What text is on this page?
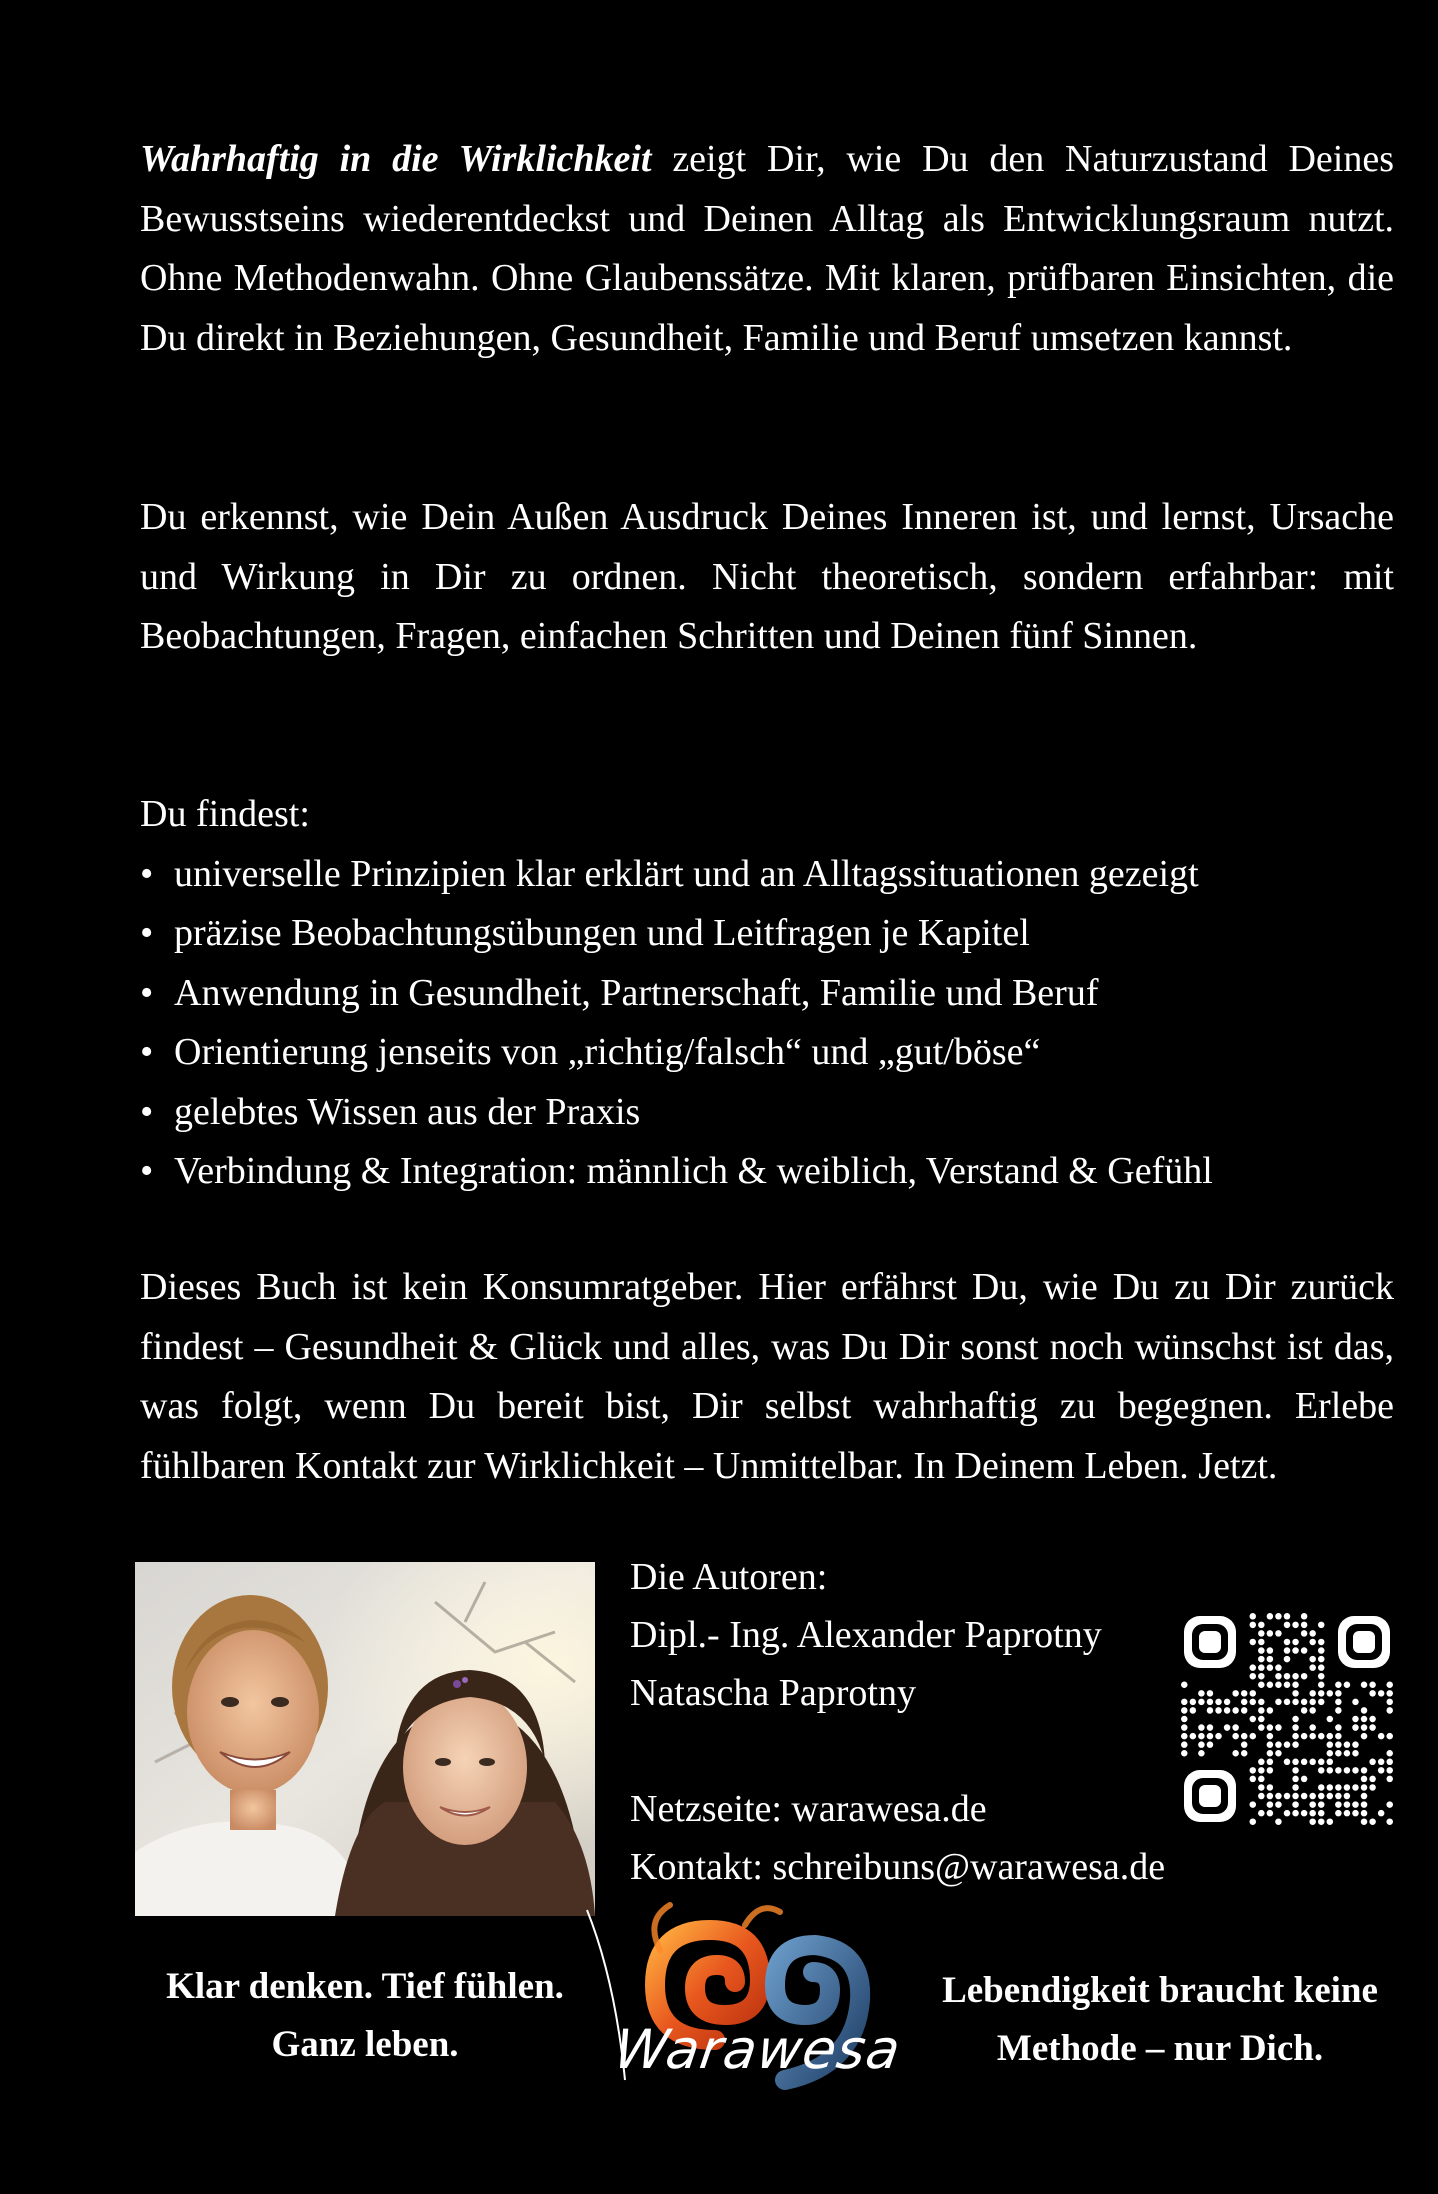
Wahrhaftig in die Wirklichkeit zeigt Dir, wie Du den Naturzustand Deines Bewusstseins wiederentdeckst und Deinen Alltag als Entwicklungsraum nutzt. Ohne Methodenwahn. Ohne Glaubenssätze. Mit klaren, prüfbaren Einsichten, die Du direkt in Beziehungen, Gesundheit, Familie und Beruf umsetzen kannst.

Du erkennst, wie Dein Außen Ausdruck Deines Inneren ist, und lernst, Ursache und Wirkung in Dir zu ordnen. Nicht theoretisch, sondern erfahrbar: mit Beobachtungen, Fragen, einfachen Schritten und Deinen fünf Sinnen.

Du findest:

• universelle Prinzipien klar erklärt und an Alltagssituationen gezeigt
• präzise Beobachtungsübungen und Leitfragen je Kapitel
• Anwendung in Gesundheit, Partnerschaft, Familie und Beruf
• Orientierung jenseits von „richtig/falsch“ und „gut/böse“
• gelebtes Wissen aus der Praxis
• Verbindung & Integration: männlich & weiblich, Verstand & Gefühl

Dieses Buch ist kein Konsumratgeber. Hier erfährst Du, wie Du zu Dir zurück findest – Gesundheit & Glück und alles, was Du Dir sonst noch wünschst ist das, was folgt, wenn Du bereit bist, Dir selbst wahrhaftig zu begegnen. Erlebe fühlbaren Kontakt zur Wirklichkeit – Unmittelbar. In Deinem Leben. Jetzt.

Die Autoren:
Dipl.- Ing. Alexander Paprotny
Natascha Paprotny
Netzseite: warawesa.de
Kontakt: schreibuns@warawesa.de
Klar denken. Tief fühlen.
Ganz leben.
Lebendigkeit braucht keine
Methode – nur Dich.
Warawesa
